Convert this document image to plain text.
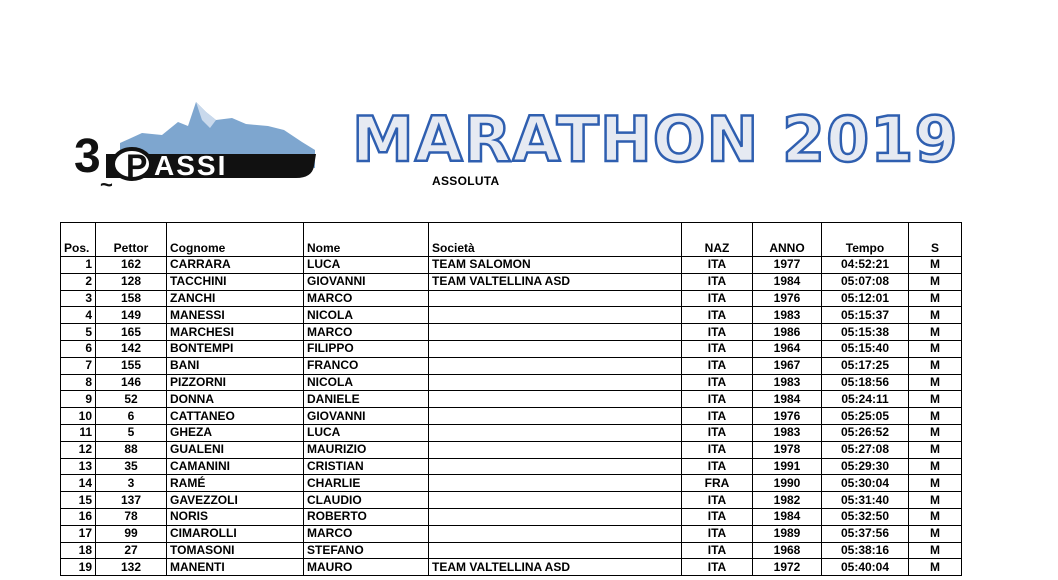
3
~
P ASSI MARATHON 2019
ASSOLUTA
Pos.	Pettor	Cognome	Nome	Società	NAZ	ANNO	Tempo	S
1	162	CARRARA	LUCA	TEAM SALOMON	ITA	1977	04:52:21	M
2	128	TACCHINI	GIOVANNI	TEAM VALTELLINA ASD	ITA	1984	05:07:08	M
3	158	ZANCHI	MARCO		ITA	1976	05:12:01	M
4	149	MANESSI	NICOLA		ITA	1983	05:15:37	M
5	165	MARCHESI	MARCO		ITA	1986	05:15:38	M
6	142	BONTEMPI	FILIPPO		ITA	1964	05:15:40	M
7	155	BANI	FRANCO		ITA	1967	05:17:25	M
8	146	PIZZORNI	NICOLA		ITA	1983	05:18:56	M
9	52	DONNA	DANIELE		ITA	1984	05:24:11	M
10	6	CATTANEO	GIOVANNI		ITA	1976	05:25:05	M
11	5	GHEZA	LUCA		ITA	1983	05:26:52	M
12	88	GUALENI	MAURIZIO		ITA	1978	05:27:08	M
13	35	CAMANINI	CRISTIAN		ITA	1991	05:29:30	M
14	3	RAMÉ	CHARLIE		FRA	1990	05:30:04	M
15	137	GAVEZZOLI	CLAUDIO		ITA	1982	05:31:40	M
16	78	NORIS	ROBERTO		ITA	1984	05:32:50	M
17	99	CIMAROLLI	MARCO		ITA	1989	05:37:56	M
18	27	TOMASONI	STEFANO		ITA	1968	05:38:16	M
19	132	MANENTI	MAURO	TEAM VALTELLINA ASD	ITA	1972	05:40:04	M
